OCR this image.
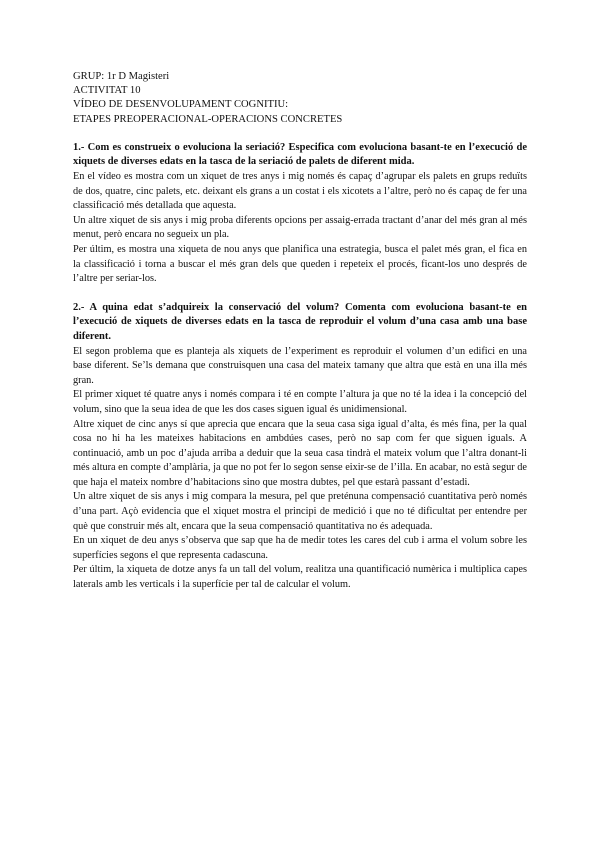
GRUP: 1r D Magisteri

ACTIVITAT 10

VÍDEO DE DESENVOLUPAMENT COGNITIU:

ETAPES PREOPERACIONAL-OPERACIONS CONCRETES

1.- Com es construeix o evoluciona la seriació? Especifica com evoluciona basant-te en l’execució de xiquets de diverses edats en la tasca de la seriació de palets de diferent mida.

En el vídeo es mostra com un xiquet de tres anys i mig només és capaç d’agrupar els palets en grups reduïts de dos, quatre, cinc palets, etc. deixant els grans a un costat i els xicotets a l’altre, però no és capaç de fer una classificació més detallada que aquesta.

Un altre xiquet de sis anys i mig proba diferents opcions per assaig-errada tractant d’anar del més gran al més menut, però encara no segueix un pla.

Per últim, es mostra una xiqueta de nou anys que planifica una estrategia, busca el palet més gran, el fica en la classificació i torna a buscar el més gran dels que queden i repeteix el procés, ficant-los uno després de l’altre per seriar-los.

2.- A quina edat s’adquireix la conservació del volum? Comenta com evoluciona basant-te en l’execució de xiquets de diverses edats en la tasca de reproduir el volum d’una casa amb una base diferent.

El segon problema que es planteja als xiquets de l’experiment es reproduir el volumen d’un edifici en una base diferent. Se’ls demana que construisquen una casa del mateix tamany que altra que està en una illa més gran.

El primer xiquet té quatre anys i només compara i té en compte l’altura ja que no té la idea i la concepció del volum, sino que la seua idea de que les dos cases siguen igual és unidimensional.

Altre xiquet de cinc anys sí que aprecia que encara que la seua casa siga igual d’alta, és més fina, per la qual cosa no hi ha les mateixes habitacions en ambdúes cases, però no sap com fer que siguen iguals. A continuació, amb un poc d’ajuda arriba a deduir que la seua casa tindrà el mateix volum que l’altra donant-li més altura en compte d’amplària, ja que no pot fer lo segon sense eixir-se de l’illa. En acabar, no està segur de que haja el mateix nombre d’habitacions sino que mostra dubtes, pel que estarà passant d’estadi.

Un altre xiquet de sis anys i mig compara la mesura, pel que preténuna compensació cuantitativa però només d’una part. Açò evidencia que el xiquet mostra el principi de medició i que no té dificultat per entendre per què que construir més alt, encara que la seua compensació quantitativa no és adequada.

En un xiquet de deu anys s’observa que sap que ha de medir totes les cares del cub i arma el volum sobre les superfícies segons el que representa cadascuna.

Per últim, la xiqueta de dotze anys fa un tall del volum, realitza una quantificació numèrica i multiplica capes laterals amb les verticals i la superfície per tal de calcular el volum.
